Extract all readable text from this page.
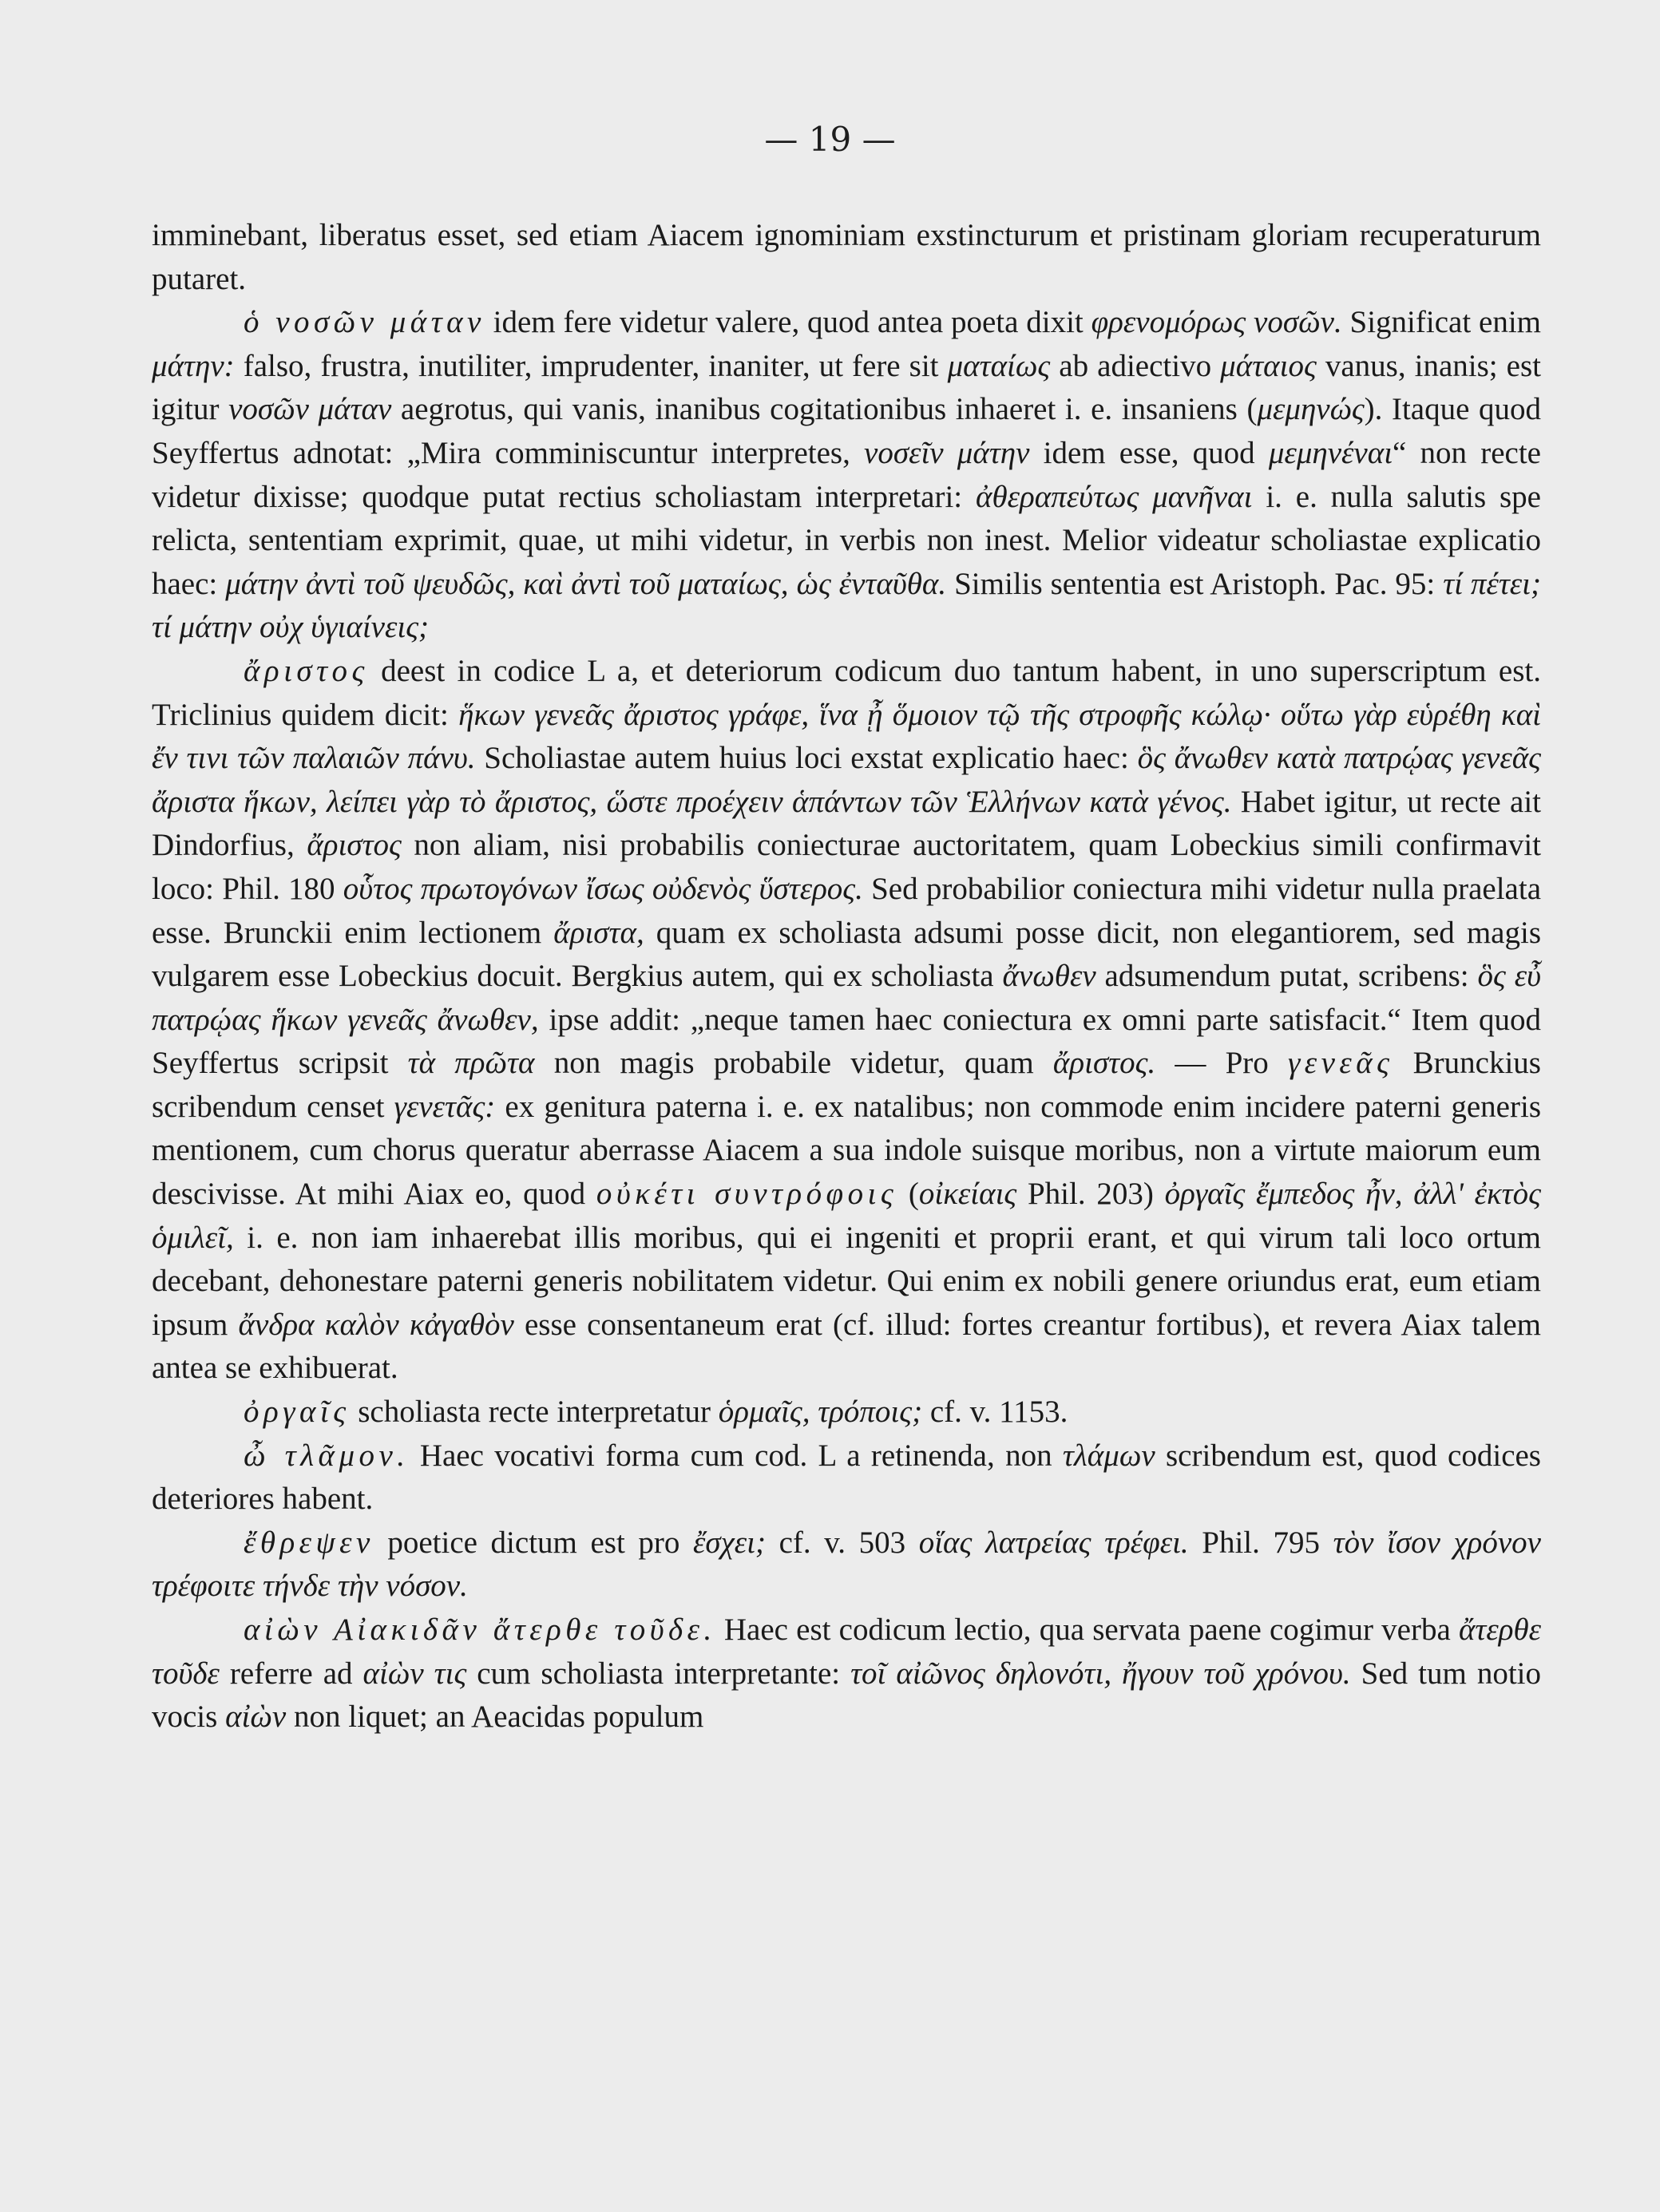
— 19 —

imminebant, liberatus esset, sed etiam Aiacem ignominiam exstincturum et pristinam gloriam recuperaturum putaret.

ὁ νοσῶν μάταν idem fere videtur valere, quod antea poeta dixit φρενομόρως νοσῶν. Significat enim μάτην: falso, frustra, inutiliter, imprudenter, inaniter, ut fere sit ματαίως ab adiectivo μάταιος vanus, inanis; est igitur νοσῶν μάταν aegrotus, qui vanis, inanibus cogitationibus inhaeret i. e. insaniens (μεμηνώς). Itaque quod Seyffertus adnotat: „Mira comminiscuntur interpretes, νοσεῖν μάτην idem esse, quod μεμηνέναι“ non recte videtur dixisse; quodque putat rectius scholiastam interpretari: ἀθεραπεύτως μανῆναι i. e. nulla salutis spe relicta, sententiam exprimit, quae, ut mihi videtur, in verbis non inest. Melior videatur scholiastae explicatio haec: μάτην ἀντὶ τοῦ ψευδῶς, καὶ ἀντὶ τοῦ ματαίως, ὡς ἐνταῦθα. Similis sententia est Aristoph. Pac. 95: τί πέτει; τί μάτην οὐχ ὑγιαίνεις;

ἄριστος deest in codice L a, et deteriorum codicum duo tantum habent, in uno superscriptum est. Triclinius quidem dicit: ἥκων γενεᾶς ἄριστος γράφε, ἵνα ᾖ ὅμοιον τῷ τῆς στροφῆς κώλῳ· οὕτω γὰρ εὑρέθη καὶ ἔν τινι τῶν παλαιῶν πάνυ. Scholiastae autem huius loci exstat explicatio haec: ὃς ἄνωθεν κατὰ πατρῴας γενεᾶς ἄριστα ἥκων, λείπει γὰρ τὸ ἄριστος, ὥστε προέχειν ἁπάντων τῶν Ἑλλήνων κατὰ γένος. Habet igitur, ut recte ait Dindorfius, ἄριστος non aliam, nisi probabilis coniecturae auctoritatem, quam Lobeckius simili confirmavit loco: Phil. 180 οὗτος πρωτογόνων ἴσως οὐδενὸς ὕστερος. Sed probabilior coniectura mihi videtur nulla praelata esse. Brunckii enim lectionem ἄριστα, quam ex scholiasta adsumi posse dicit, non elegantiorem, sed magis vulgarem esse Lobeckius docuit. Bergkius autem, qui ex scholiasta ἄνωθεν adsumendum putat, scribens: ὃς εὖ πατρῴας ἥκων γενεᾶς ἄνωθεν, ipse addit: „neque tamen haec coniectura ex omni parte satisfacit.“ Item quod Seyffertus scripsit τὰ πρῶτα non magis probabile videtur, quam ἄριστος. — Pro γενεᾶς Brunckius scribendum censet γενετᾶς: ex genitura paterna i. e. ex natalibus; non commode enim incidere paterni generis mentionem, cum chorus queratur aberrasse Aiacem a sua indole suisque moribus, non a virtute maiorum eum descivisse. At mihi Aiax eo, quod οὐκέτι συντρόφοις (οἰκείαις Phil. 203) ὀργαῖς ἔμπεδος ἦν, ἀλλ' ἐκτὸς ὁμιλεῖ, i. e. non iam inhaerebat illis moribus, qui ei ingeniti et proprii erant, et qui virum tali loco ortum decebant, dehonestare paterni generis nobilitatem videtur. Qui enim ex nobili genere oriundus erat, eum etiam ipsum ἄνδρα καλὸν κἀγαθὸν esse consentaneum erat (cf. illud: fortes creantur fortibus), et revera Aiax talem antea se exhibuerat.

ὀργαῖς scholiasta recte interpretatur ὁρμαῖς, τρόποις; cf. v. 1153.

ὦ τλᾶμον. Haec vocativi forma cum cod. L a retinenda, non τλάμων scribendum est, quod codices deteriores habent.

ἔθρεψεν poetice dictum est pro ἔσχει; cf. v. 503 οἵας λατρείας τρέφει. Phil. 795 τὸν ἴσον χρόνον τρέφοιτε τήνδε τὴν νόσον.

αἰὼν Αἰακιδᾶν ἄτερθε τοῦδε. Haec est codicum lectio, qua servata paene cogimur verba ἄτερθε τοῦδε referre ad αἰὼν τις cum scholiasta interpretante: τοῖ αἰῶνος δηλονότι, ἤγουν τοῦ χρόνου. Sed tum notio vocis αἰὼν non liquet; an Aeacidas populum
